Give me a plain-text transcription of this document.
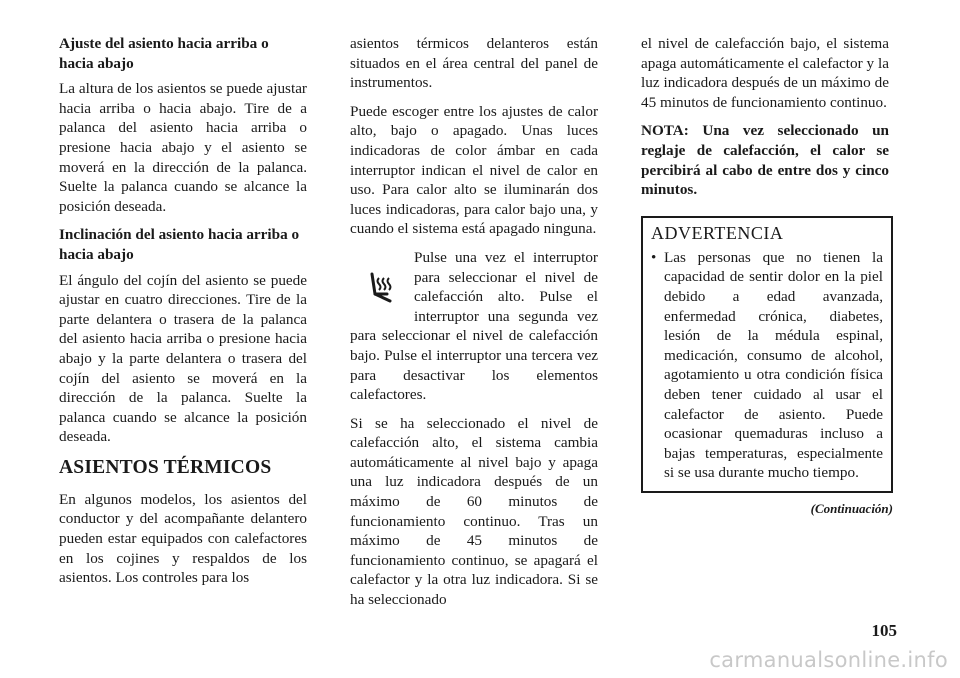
Ajuste del asiento hacia arriba o hacia abajo

La altura de los asientos se puede ajustar hacia arriba o hacia abajo. Tire de a palanca del asiento hacia arriba o presione hacia abajo y el asiento se moverá en la dirección de la palanca. Suelte la palanca cuando se alcance la posición deseada.

Inclinación del asiento hacia arriba o hacia abajo

El ángulo del cojín del asiento se puede ajustar en cuatro direcciones. Tire de la parte delantera o trasera de la palanca del asiento hacia arriba o presione hacia abajo y la parte delantera o trasera del cojín del asiento se moverá en la dirección de la palanca. Suelte la palanca cuando se alcance la posición deseada.

ASIENTOS TÉRMICOS

En algunos modelos, los asientos del conductor y del acompañante delantero pueden estar equipados con calefactores en los cojines y respaldos de los asientos. Los controles para los

asientos térmicos delanteros están situados en el área central del panel de instrumentos.

Puede escoger entre los ajustes de calor alto, bajo o apagado. Unas luces indicadoras de color ámbar en cada interruptor indican el nivel de calor en uso. Para calor alto se iluminarán dos luces indicadoras, para calor bajo una, y cuando el sistema está apagado ninguna.

Pulse una vez el interruptor para seleccionar el nivel de calefacción alto. Pulse el interruptor una segunda vez para seleccionar el nivel de calefacción bajo. Pulse el interruptor una tercera vez para desactivar los elementos calefactores.

Si se ha seleccionado el nivel de calefacción alto, el sistema cambia automáticamente al nivel bajo y apaga una luz indicadora después de un máximo de 60 minutos de funcionamiento continuo. Tras un máximo de 45 minutos de funcionamiento continuo, se apagará el calefactor y la otra luz indicadora. Si se ha seleccionado

el nivel de calefacción bajo, el sistema apaga automáticamente el calefactor y la luz indicadora después de un máximo de 45 minutos de funcionamiento continuo.

NOTA: Una vez seleccionado un reglaje de calefacción, el calor se percibirá al cabo de entre dos y cinco minutos.

ADVERTENCIA
• Las personas que no tienen la capacidad de sentir dolor en la piel debido a edad avanzada, enfermedad crónica, diabetes, lesión de la médula espinal, medicación, consumo de alcohol, agotamiento u otra condición física deben tener cuidado al usar el calefactor de asiento. Puede ocasionar quemaduras incluso a bajas temperaturas, especialmente si se usa durante mucho tiempo.
(Continuación)
105
carmanualsonline.info
